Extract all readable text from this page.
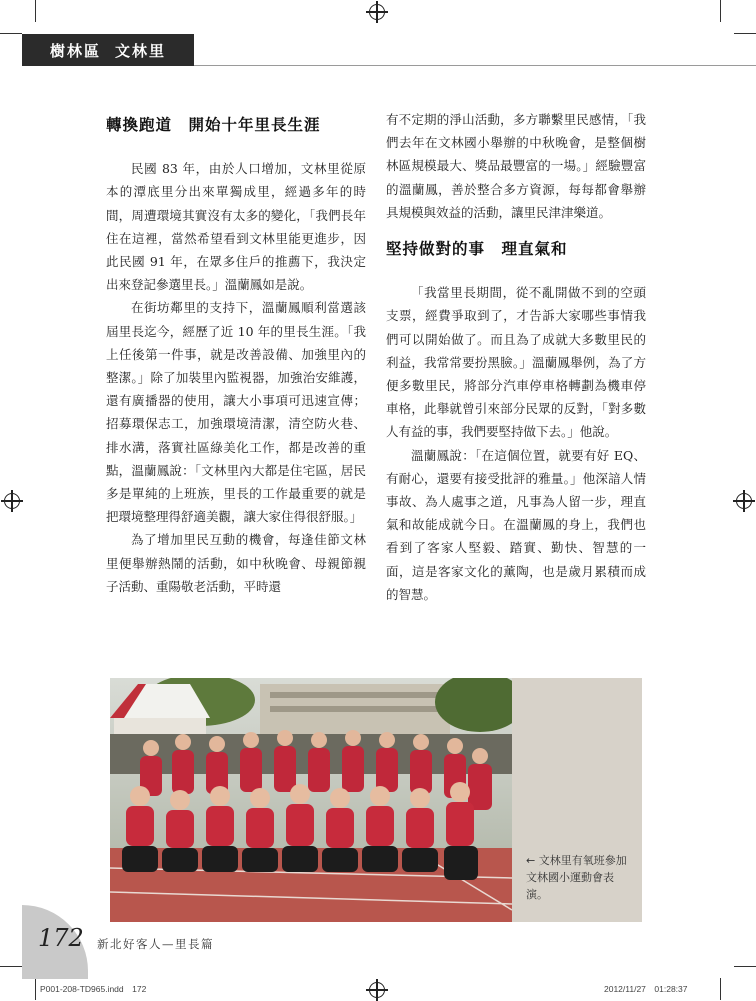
樹林區 文林里
轉換跑道　開始十年里長生涯

民國 83 年，由於人口增加，文林里從原本的潭底里分出來單獨成里，經過多年的時間，周遭環境其實沒有太多的變化，「我們長年住在這裡，當然希望看到文林里能更進步，因此民國 91 年，在眾多住戶的推薦下，我決定出來登記參選里長。」溫蘭鳳如是說。

在街坊鄰里的支持下，溫蘭鳳順利當選該屆里長迄今，經歷了近 10 年的里長生涯。「我上任後第一件事，就是改善設備、加強里內的整潔。」除了加裝里內監視器，加強治安維護，還有廣播器的使用，讓大小事項可迅速宣傳；招募環保志工，加強環境清潔，清空防火巷、排水溝，落實社區綠美化工作，都是改善的重點，溫蘭鳳說：「文林里內大都是住宅區，居民多是單純的上班族，里長的工作最重要的就是把環境整理得舒適美觀，讓大家住得很舒服。」

為了增加里民互動的機會，每逢佳節文林里便舉辦熱鬧的活動，如中秋晚會、母親節親子活動、重陽敬老活動，平時還

有不定期的淨山活動，多方聯繫里民感情，「我們去年在文林國小舉辦的中秋晚會，是整個樹林區規模最大、獎品最豐富的一場。」經驗豐富的溫蘭鳳，善於整合多方資源，每每都會舉辦具規模與效益的活動，讓里民津津樂道。

堅持做對的事　理直氣和

「我當里長期間，從不亂開做不到的空頭支票，經費爭取到了，才告訴大家哪些事情我們可以開始做了。而且為了成就大多數里民的利益，我常常要扮黑臉。」溫蘭鳳舉例，為了方便多數里民，將部分汽車停車格轉劃為機車停車格，此舉就曾引來部分民眾的反對，「對多數人有益的事，我們要堅持做下去。」他說。

溫蘭鳳說：「在這個位置，就要有好 EQ、有耐心，還要有接受批評的雅量。」他深諳人情事故、為人處事之道，凡事為人留一步，理直氣和故能成就今日。在溫蘭鳳的身上，我們也看到了客家人堅毅、踏實、勤快、智慧的一面，這是客家文化的薰陶，也是歲月累積而成的智慧。

← 文林里有氧班參加文林國小運動會表演。
172 新北好客人—里長篇
P001-208-TD965.indd　172	2012/11/27　01:28:37
